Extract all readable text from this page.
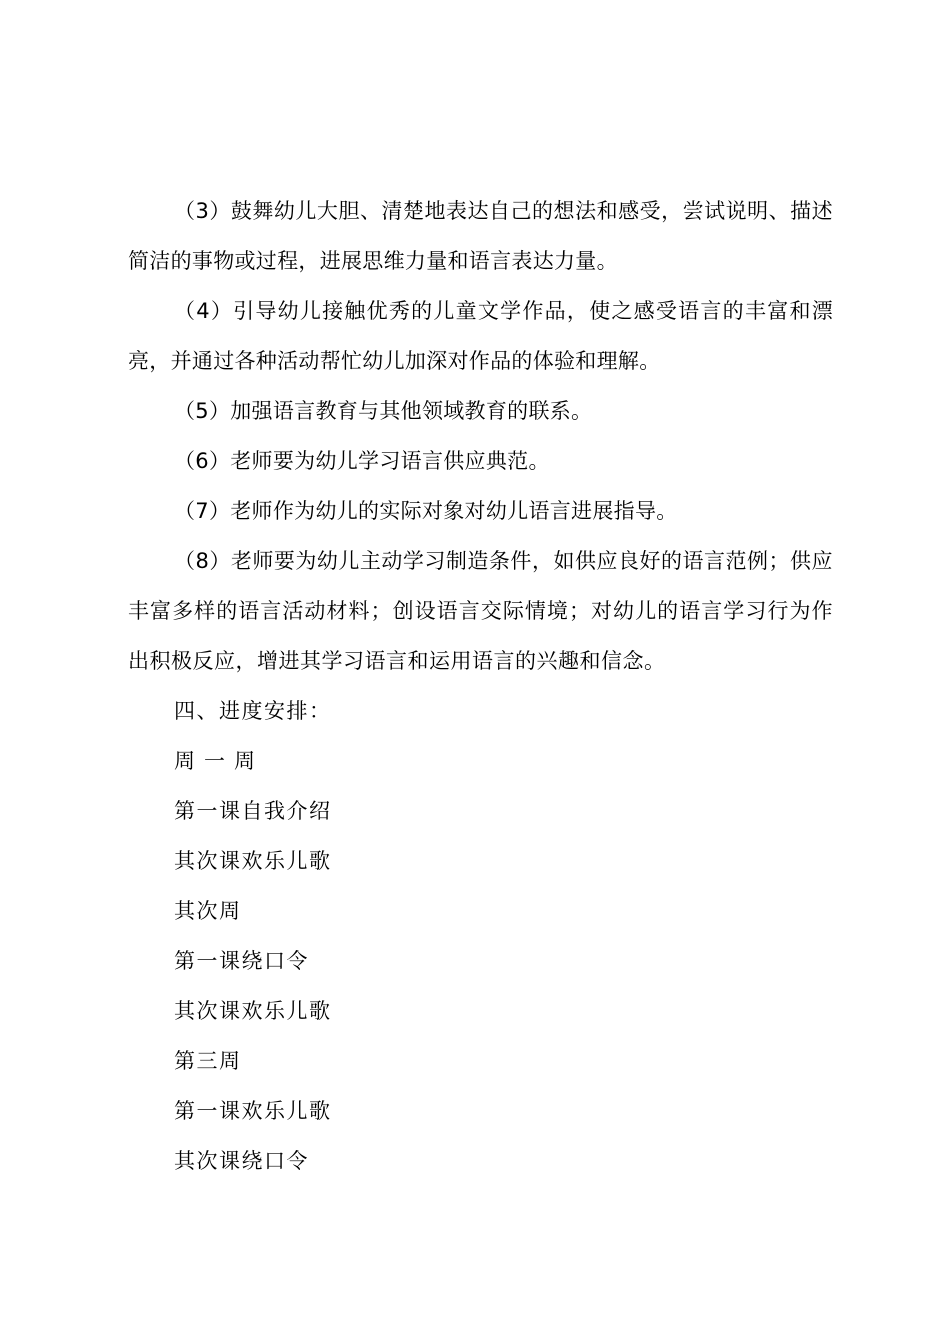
（3）鼓舞幼儿大胆、清楚地表达自己的想法和感受，尝试说明、描述简洁的事物或过程，进展思维力量和语言表达力量。

（4）引导幼儿接触优秀的儿童文学作品，使之感受语言的丰富和漂亮，并通过各种活动帮忙幼儿加深对作品的体验和理解。

（5）加强语言教育与其他领域教育的联系。

（6）老师要为幼儿学习语言供应典范。

（7）老师作为幼儿的实际对象对幼儿语言进展指导。

（8）老师要为幼儿主动学习制造条件，如供应良好的语言范例；供应丰富多样的语言活动材料；创设语言交际情境；对幼儿的语言学习行为作出积极反应，增进其学习语言和运用语言的兴趣和信念。

四、进度安排：

周一周

第一课自我介绍

其次课欢乐儿歌

其次周

第一课绕口令

其次课欢乐儿歌

第三周

第一课欢乐儿歌

其次课绕口令
